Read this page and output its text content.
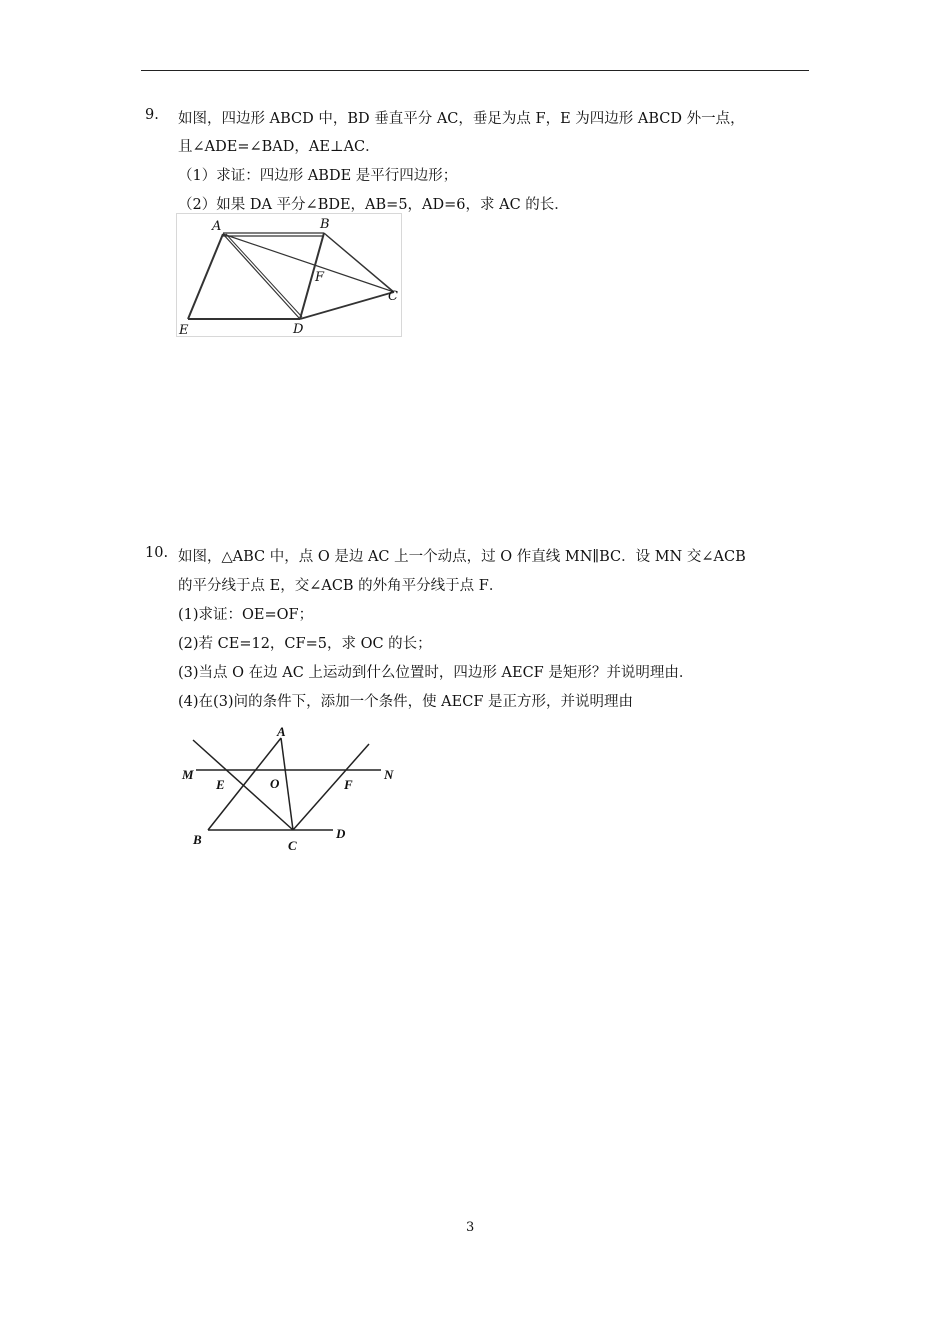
9. 如图，四边形 ABCD 中，BD 垂直平分 AC，垂足为点 F，E 为四边形 ABCD 外一点，
且∠ADE=∠BAD，AE⊥AC．
（1）求证：四边形 ABDE 是平行四边形；
（2）如果 DA 平分∠BDE，AB=5，AD=6，求 AC 的长．
A	B
C
D
E
F
10. 如图，△ABC 中，点 O 是边 AC 上一个动点，过 O 作直线 MN∥BC．设 MN 交∠ACB
的平分线于点 E，交∠ACB 的外角平分线于点 F．
(1)求证：OE=OF；
(2)若 CE=12，CF=5，求 OC 的长；
(3)当点 O 在边 AC 上运动到什么位置时，四边形 AECF 是矩形？并说明理由．
(4)在(3)问的条件下，添加一个条件，使 AECF 是正方形，并说明理由
A
M	N
E	O	F
B	C
D
3
